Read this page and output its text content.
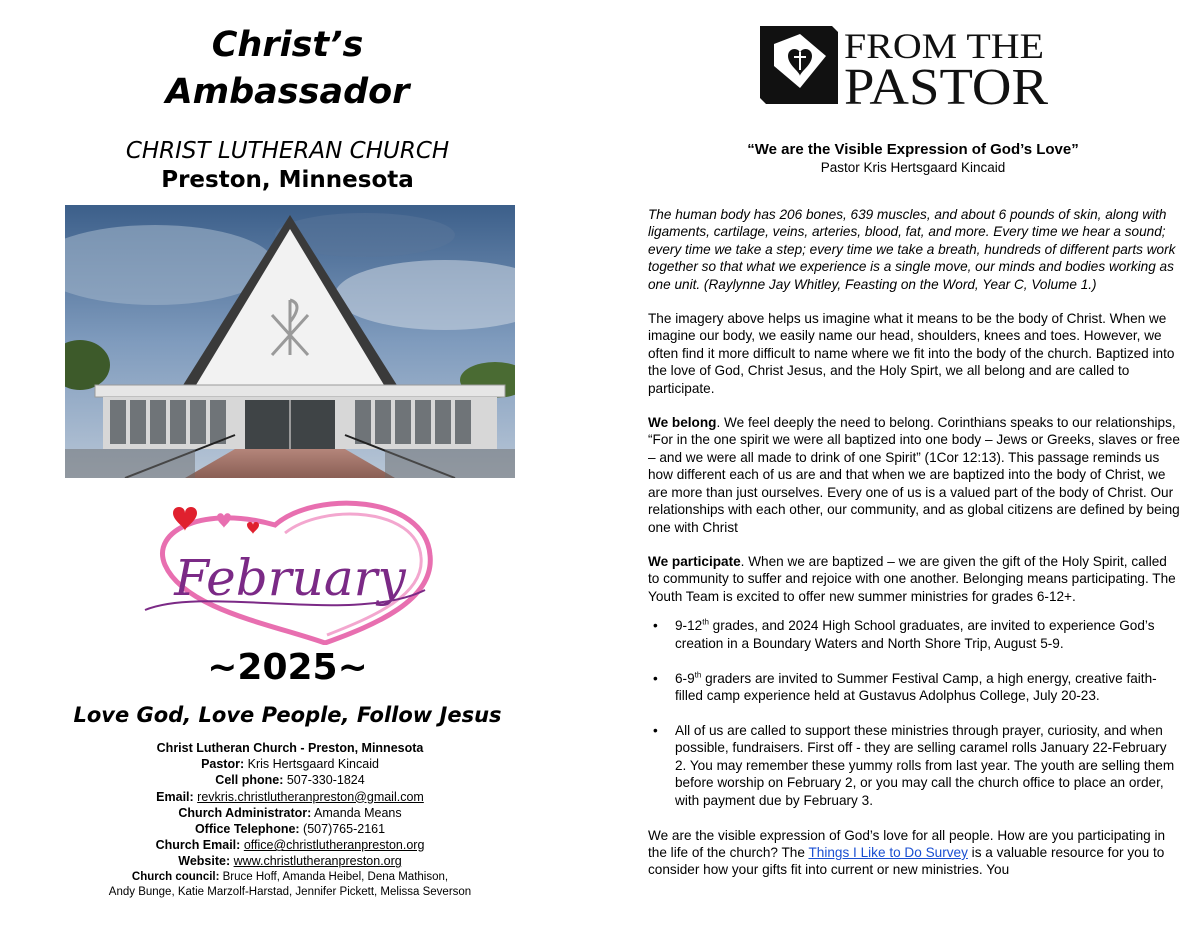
Christ’s
Ambassador
CHRIST LUTHERAN CHURCH
Preston, Minnesota
February
~2025~
Love God, Love People, Follow Jesus
Christ Lutheran Church - Preston, Minnesota
Pastor: Kris Hertsgaard Kincaid
Cell phone: 507-330-1824
Email: revkris.christlutheranpreston@gmail.com
Church Administrator: Amanda Means
Office Telephone: (507)765-2161
Church Email: office@christlutheranpreston.org
Website: www.christlutheranpreston.org
Church council: Bruce Hoff, Amanda Heibel, Dena Mathison,
Andy Bunge, Katie Marzolf-Harstad, Jennifer Pickett, Melissa Severson
FROM THE
PASTOR
“We are the Visible Expression of God’s Love”
Pastor Kris Hertsgaard Kincaid

The human body has 206 bones, 639 muscles, and about 6 pounds of skin, along with ligaments, cartilage, veins, arteries, blood, fat, and more. Every time we hear a sound; every time we take a step; every time we take a breath, hundreds of different parts work together so that what we experience is a single move, our minds and bodies working as one unit. (Raylynne Jay Whitley, Feasting on the Word, Year C, Volume 1.)

The imagery above helps us imagine what it means to be the body of Christ. When we imagine our body, we easily name our head, shoulders, knees and toes. However, we often find it more difficult to name where we fit into the body of the church. Baptized into the love of God, Christ Jesus, and the Holy Spirt, we all belong and are called to participate.

We belong. We feel deeply the need to belong. Corinthians speaks to our relationships, “For in the one spirit we were all baptized into one body – Jews or Greeks, slaves or free – and we were all made to drink of one Spirit” (1Cor 12:13). This passage reminds us how different each of us are and that when we are baptized into the body of Christ, we are more than just ourselves. Every one of us is a valued part of the body of Christ. Our relationships with each other, our community, and as global citizens are defined by being one with Christ

We participate. When we are baptized – we are given the gift of the Holy Spirit, called to community to suffer and rejoice with one another. Belonging means participating. The Youth Team is excited to offer new summer ministries for grades 6-12+.

• 9-12th grades, and 2024 High School graduates, are invited to experience God’s creation in a Boundary Waters and North Shore Trip, August 5-9.
• 6-9th graders are invited to Summer Festival Camp, a high energy, creative faith-filled camp experience held at Gustavus Adolphus College, July 20-23.
• All of us are called to support these ministries through prayer, curiosity, and when possible, fundraisers. First off - they are selling caramel rolls January 22-February 2. You may remember these yummy rolls from last year. The youth are selling them before worship on February 2, or you may call the church office to place an order, with payment due by February 3.

We are the visible expression of God’s love for all people. How are you participating in the life of the church? The Things I Like to Do Survey is a valuable resource for you to consider how your gifts fit into current or new ministries. You
